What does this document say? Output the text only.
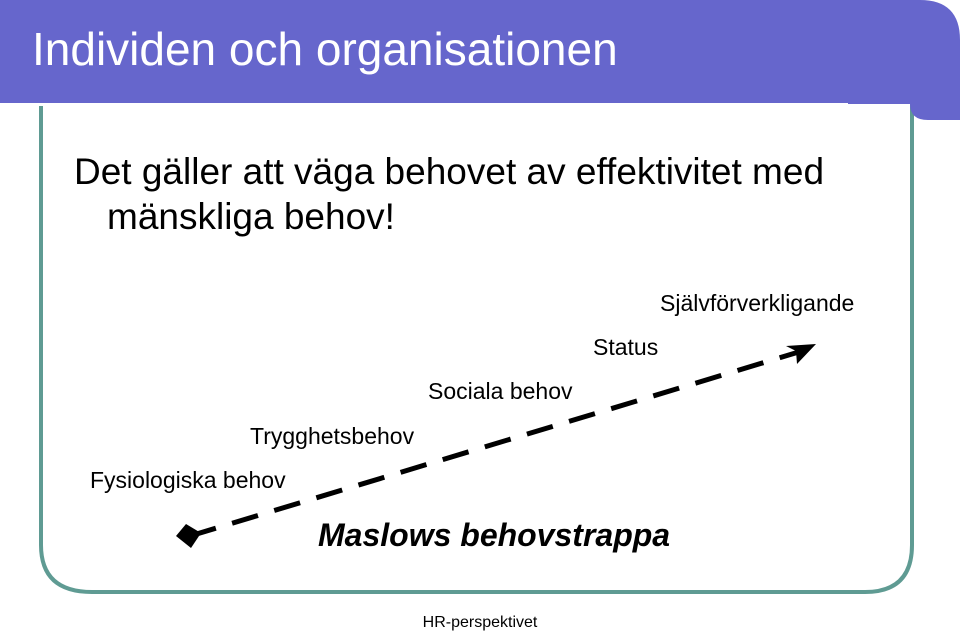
Individen och organisationen
Det gäller att väga behovet av effektivitet med
mänskliga behov!
Fysiologiska behov
Trygghetsbehov
Sociala behov
Status
Självförverkligande
Maslows behovstrappa
HR-perspektivet
